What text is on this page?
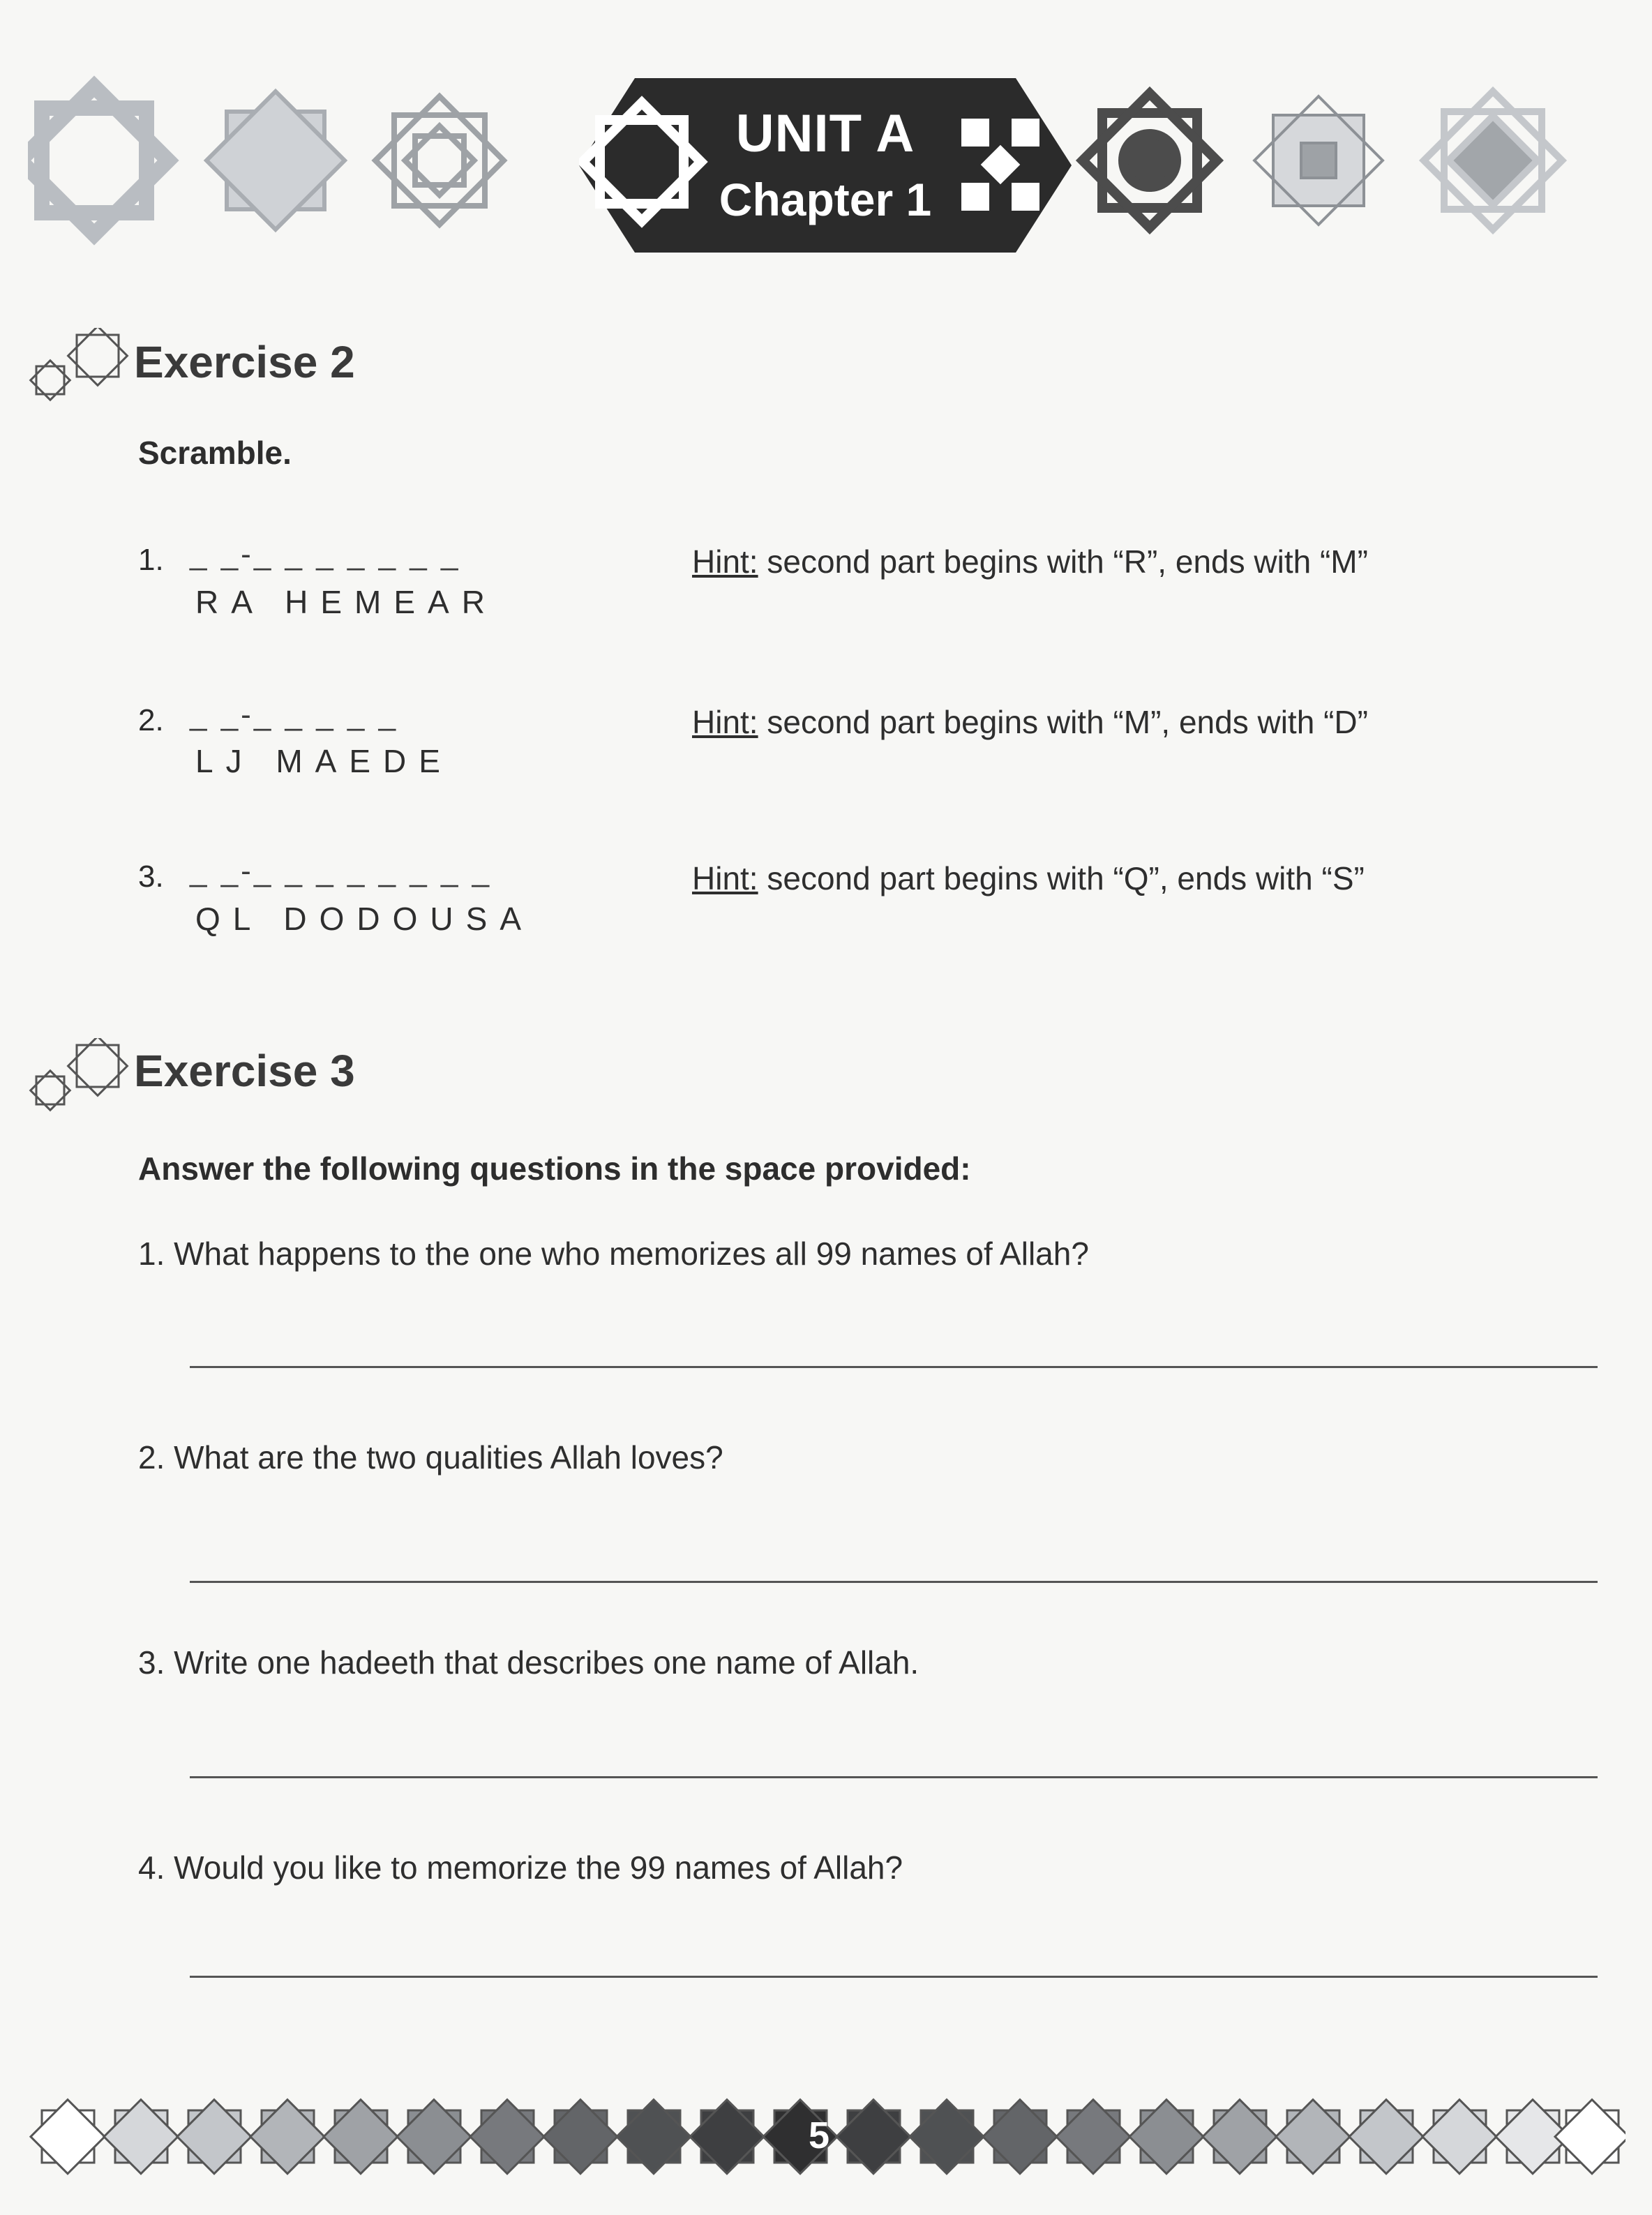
UNIT A
Chapter 1
Exercise 2
Scramble.
1. _ _-_ _ _ _ _ _ _
RA HEMEAR
Hint: second part begins with “R”, ends with “M”
2. _ _-_ _ _ _ _
LJ MAEDE
Hint: second part begins with “M”, ends with “D”
3. _ _-_ _ _ _ _ _ _ _
QL DODOUSA
Hint: second part begins with “Q”, ends with “S”
Exercise 3
Answer the following questions in the space provided:
1. What happens to the one who memorizes all 99 names of Allah?
2. What are the two qualities Allah loves?
3. Write one hadeeth that describes one name of Allah.
4. Would you like to memorize the 99 names of Allah?
5
